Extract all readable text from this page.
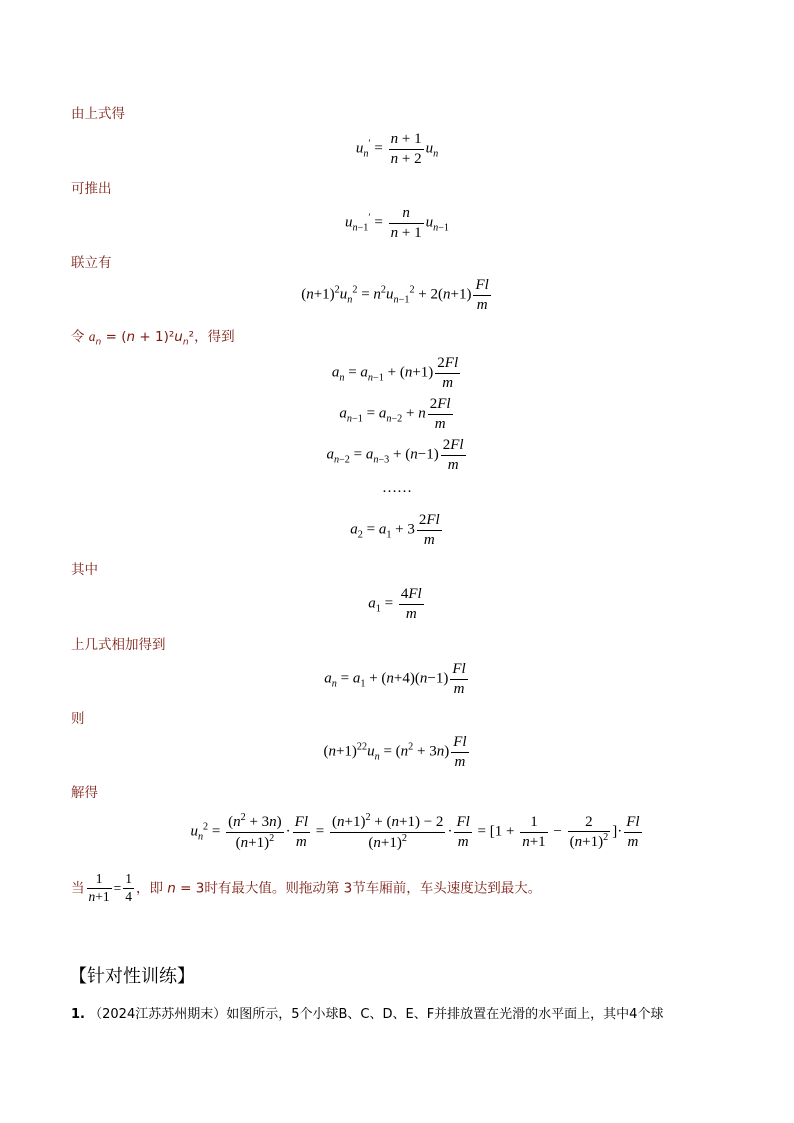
由上式得
$u_n' = \frac{n + 1}{n + 2} u_n$
可推出
$u_{n-1}' = \frac{n}{n + 1} u_{n-1}$
联立有
$(n+1)^2u_n^2 = n^2u_{n-1}^2 + 2(n+1) \frac{Fl}{m}$
令 $a_n = (n + 1)^2u_n^2$，得到
$a_n = a_{n-1} + (n+1) \frac{2Fl}{m}$
$a_{n-1} = a_{n-2} + n \frac{2Fl}{m}$
$a_{n-2} = a_{n-3} + (n-1) \frac{2Fl}{m}$
……
$a_2 = a_1 + 3 \frac{2Fl}{m}$
其中
$a_1 = \frac{4Fl}{m}$
上几式相加得到
$a_n = a_1 + (n+4)(n-1) \frac{Fl}{m}$
则
$(n+1)^{22}u_n = (n^2 + 3n) \frac{Fl}{m}$
解得
$u_n^2 = \frac{(n^2 + 3n)}{(n+1)^2} \cdot \frac{Fl}{m} = \frac{(n+1)^2 + (n+1) - 2}{(n+1)^2} \cdot \frac{Fl}{m} = [1 + \frac{1}{n+1} - \frac{2}{(n+1)^2}$ ]· $\frac{Fl}{m}$
当 $\frac{1}{n+1} = \frac{1}{4}$ ，即 n = 3时有最大值。则拖动第 3节车厢前，车头速度达到最大。
【针对性训练】
1. （2024江苏苏州期末）如图所示，5个小球B、C、D、E、F并排放置在光滑的水平面上，其中4个球
